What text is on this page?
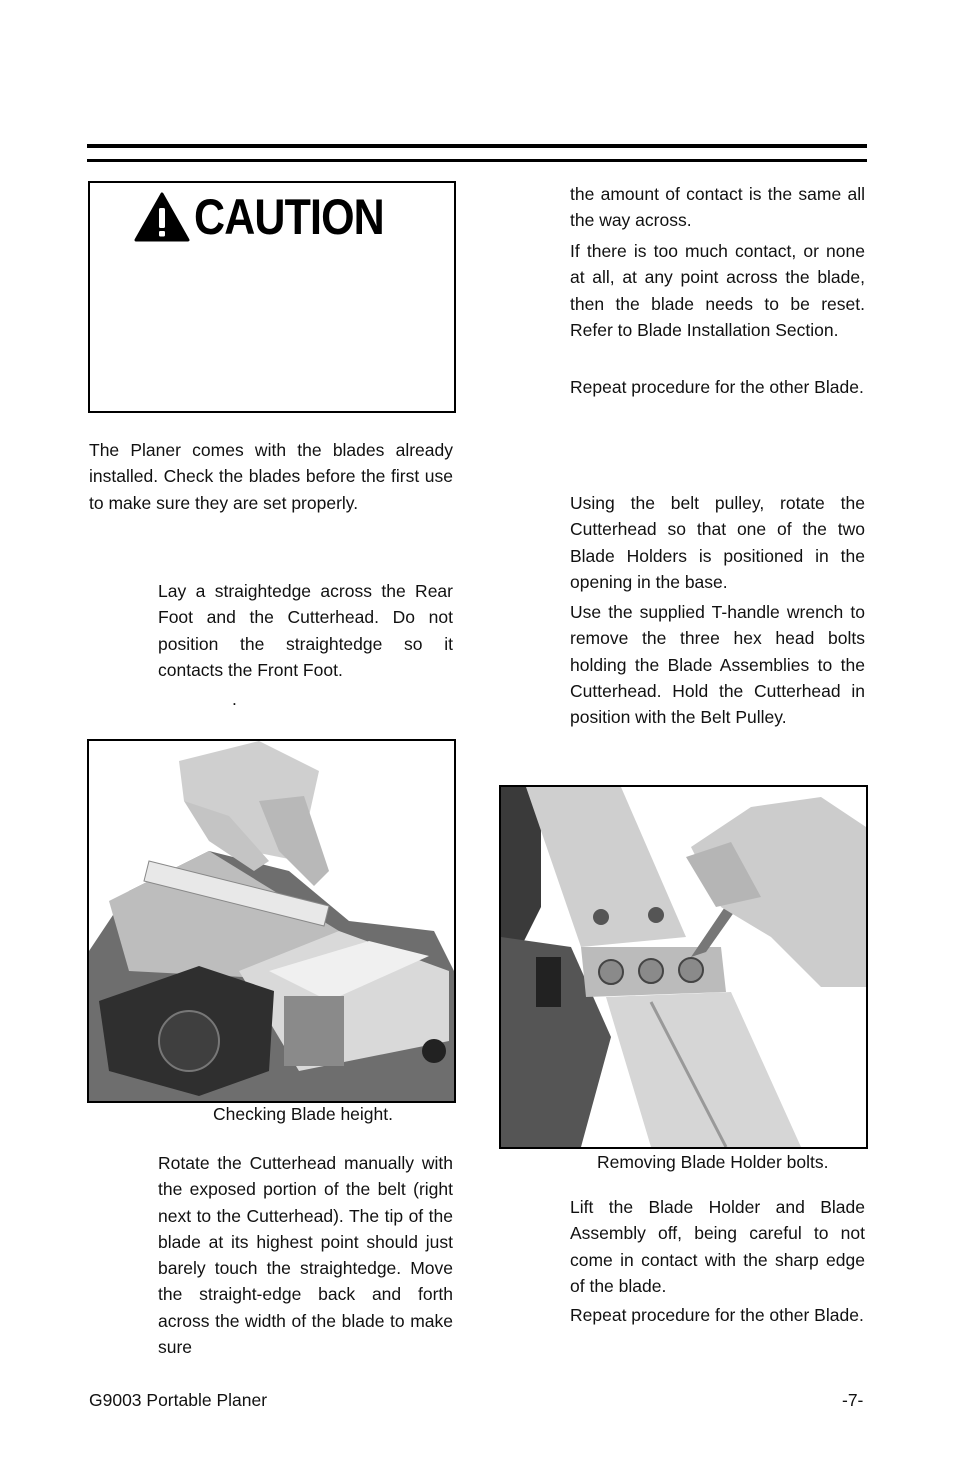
CAUTION

The Planer comes with the blades already installed. Check the blades before the first use to make sure they are set properly.

Lay a straightedge across the Rear Foot and the Cutterhead. Do not position the straightedge so it contacts the Front Foot.

.
Checking Blade height.

Rotate the Cutterhead manually with the exposed portion of the belt (right next to the Cutterhead). The tip of the blade at its highest point should just barely touch the straightedge. Move the straight-edge back and forth across the width of the blade to make sure

the amount of contact is the same all the way across.

If there is too much contact, or none at all, at any point across the blade, then the blade needs to be reset. Refer to Blade Installation Section.

Repeat procedure for the other Blade.

Using the belt pulley, rotate the Cutterhead so that one of the two Blade Holders is positioned in the opening in the base.

Use the supplied T-handle wrench to remove the three hex head bolts holding the Blade Assemblies to the Cutterhead. Hold the Cutterhead in position with the Belt Pulley.

Removing Blade Holder bolts.

Lift the Blade Holder and Blade Assembly off, being careful to not come in contact with the sharp edge of the blade.

Repeat procedure for the other Blade.

G9003 Portable Planer	-7-
